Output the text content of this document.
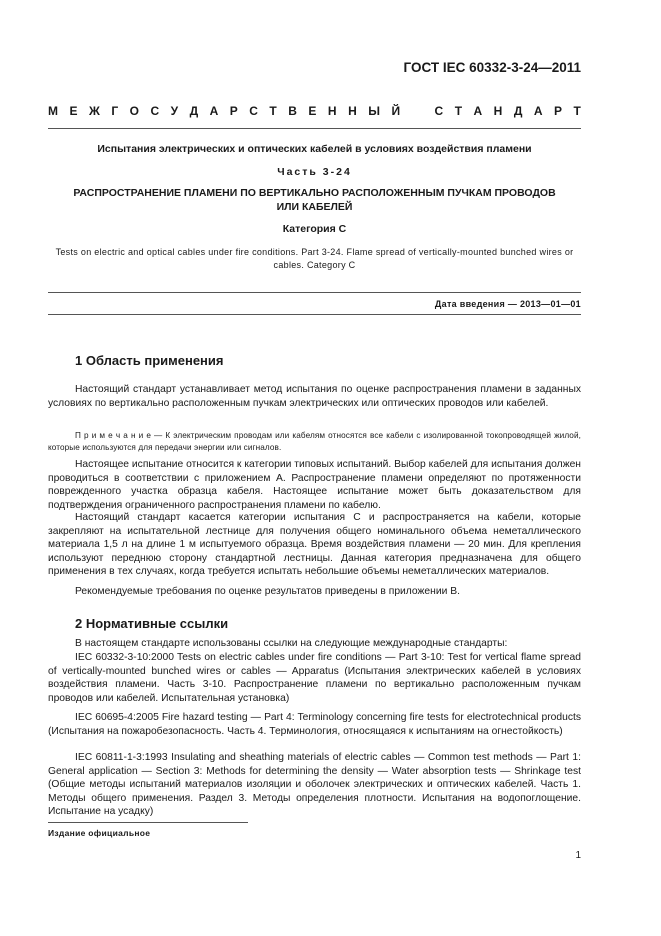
ГОСТ IEC 60332-3-24—2011
М Е Ж Г О С У Д А Р С Т В Е Н Н Ы Й	С Т А Н Д А Р Т
Испытания электрических и оптических кабелей в условиях воздействия пламени
Часть 3-24
РАСПРОСТРАНЕНИЕ ПЛАМЕНИ ПО ВЕРТИКАЛЬНО РАСПОЛОЖЕННЫМ ПУЧКАМ ПРОВОДОВ ИЛИ КАБЕЛЕЙ
Категория С
Tests on electric and optical cables under fire conditions. Part 3-24. Flame spread of vertically-mounted bunched wires or cables. Category C
Дата введения — 2013—01—01
1 Область применения
Настоящий стандарт устанавливает метод испытания по оценке распространения пламени в заданных условиях по вертикально расположенным пучкам электрических или оптических проводов или кабелей.
П р и м е ч а н и е — К электрическим проводам или кабелям относятся все кабели с изолированной токопроводящей жилой, которые используются для передачи энергии или сигналов.
Настоящее испытание относится к категории типовых испытаний. Выбор кабелей для испытания должен проводиться в соответствии с приложением А. Распространение пламени определяют по протяженности поврежденного участка образца кабеля. Настоящее испытание может быть доказательством для подтверждения ограниченного распространения пламени по кабелю.
Настоящий стандарт касается категории испытания С и распространяется на кабели, которые закрепляют на испытательной лестнице для получения общего номинального объема неметаллического материала 1,5 л на длине 1 м испытуемого образца. Время воздействия пламени — 20 мин. Для крепления используют переднюю сторону стандартной лестницы. Данная категория предназначена для общего применения в тех случаях, когда требуется испытать небольшие объемы неметаллических материалов.
Рекомендуемые требования по оценке результатов приведены в приложении В.
2 Нормативные ссылки
В настоящем стандарте использованы ссылки на следующие международные стандарты:
IEC 60332-3-10:2000 Tests on electric cables under fire conditions — Part 3-10: Test for vertical flame spread of vertically-mounted bunched wires or cables — Apparatus (Испытания электрических кабелей в условиях воздействия пламени. Часть 3-10. Распространение пламени по вертикально расположенным пучкам проводов или кабелей. Испытательная установка)
IEC 60695-4:2005 Fire hazard testing — Part 4: Terminology concerning fire tests for electrotechnical products (Испытания на пожаробезопасность. Часть 4. Терминология, относящаяся к испытаниям на огнестойкость)
IEC 60811-1-3:1993 Insulating and sheathing materials of electric cables — Common test methods — Part 1: General application — Section 3: Methods for determining the density — Water absorption tests — Shrinkage test (Общие методы испытаний материалов изоляции и оболочек электрических и оптических кабелей. Часть 1. Методы общего применения. Раздел 3. Методы определения плотности. Испытания на водопоглощение. Испытание на усадку)
Издание официальное
1
